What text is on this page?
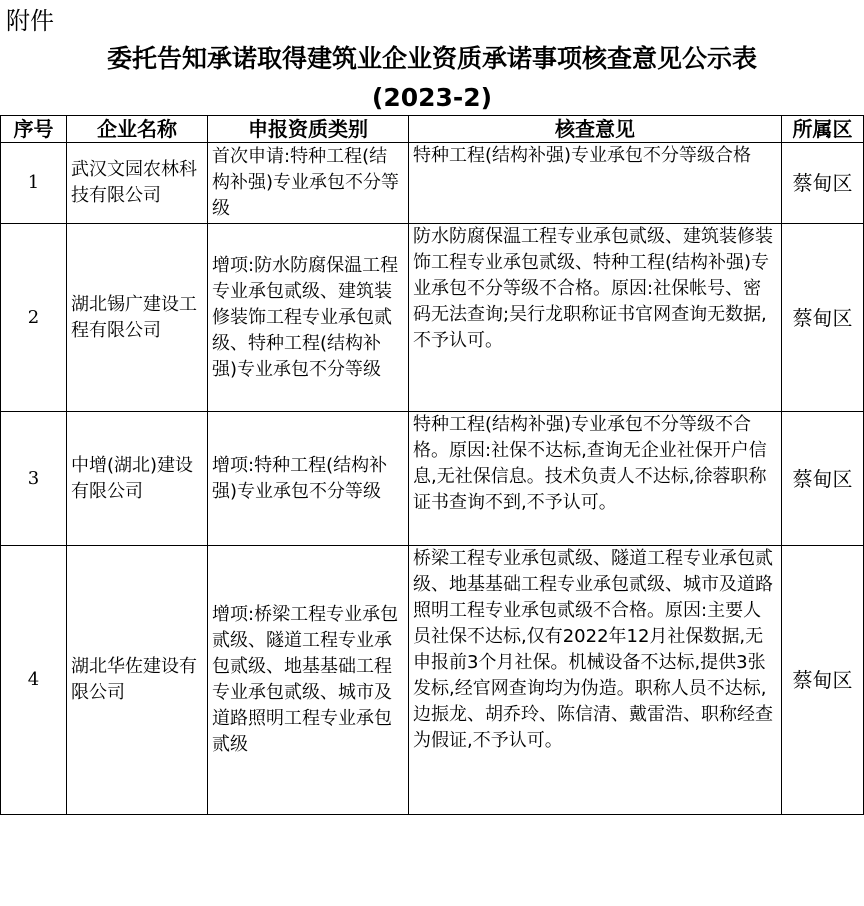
附件
委托告知承诺取得建筑业企业资质承诺事项核查意见公示表
(2023-2)
序号	企业名称	申报资质类别	核查意见	所属区
1	武汉文园农林科技有限公司	首次申请:特种工程(结构补强)专业承包不分等级	特种工程(结构补强)专业承包不分等级合格	蔡甸区
2	湖北锡广建设工程有限公司	增项:防水防腐保温工程专业承包贰级、建筑装修装饰工程专业承包贰级、特种工程(结构补强)专业承包不分等级	防水防腐保温工程专业承包贰级、建筑装修装饰工程专业承包贰级、特种工程(结构补强)专业承包不分等级不合格。原因:社保帐号、密码无法查询;吴行龙职称证书官网查询无数据,不予认可。	蔡甸区
3	中增(湖北)建设有限公司	增项:特种工程(结构补强)专业承包不分等级	特种工程(结构补强)专业承包不分等级不合格。原因:社保不达标,查询无企业社保开户信息,无社保信息。技术负责人不达标,徐蓉职称证书查询不到,不予认可。	蔡甸区
4	湖北华佐建设有限公司	增项:桥梁工程专业承包贰级、隧道工程专业承包贰级、地基基础工程专业承包贰级、城市及道路照明工程专业承包贰级	桥梁工程专业承包贰级、隧道工程专业承包贰级、地基基础工程专业承包贰级、城市及道路照明工程专业承包贰级不合格。原因:主要人员社保不达标,仅有2022年12月社保数据,无申报前3个月社保。机械设备不达标,提供3张发标,经官网查询均为伪造。职称人员不达标,边振龙、胡乔玲、陈信清、戴雷浩、职称经查为假证,不予认可。	蔡甸区
